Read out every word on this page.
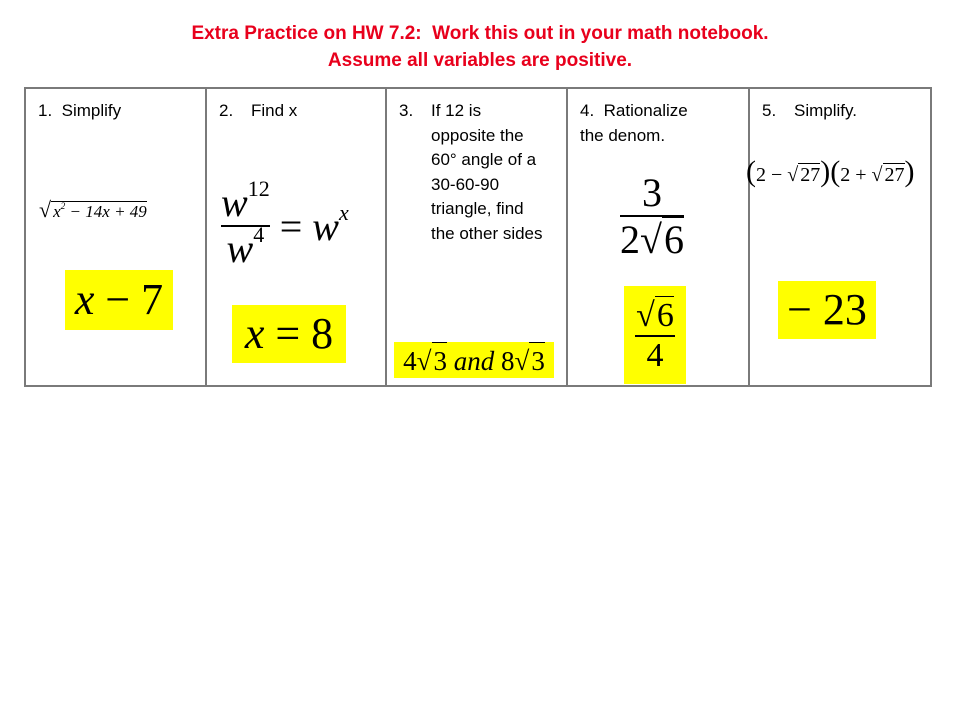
Extra Practice on HW 7.2:  Work this out in your math notebook.
Assume all variables are positive.
1.  Simplify
√ $x^2 - 14x + 49$
x − 7

2.	Find x
$\frac{w^{12}}{w^4} = w^x$
x = 8

3.	If 12 is opposite the 60° angle of a 30-60-90 triangle, find the other sides
4√3 and 8√3

4.  Rationalize
the denom.
$\frac{3}{2√6}$
$\frac{√6}{4}$

5.	Simplify.
(2 − √ 27)(2 + √ 27)
− 23
